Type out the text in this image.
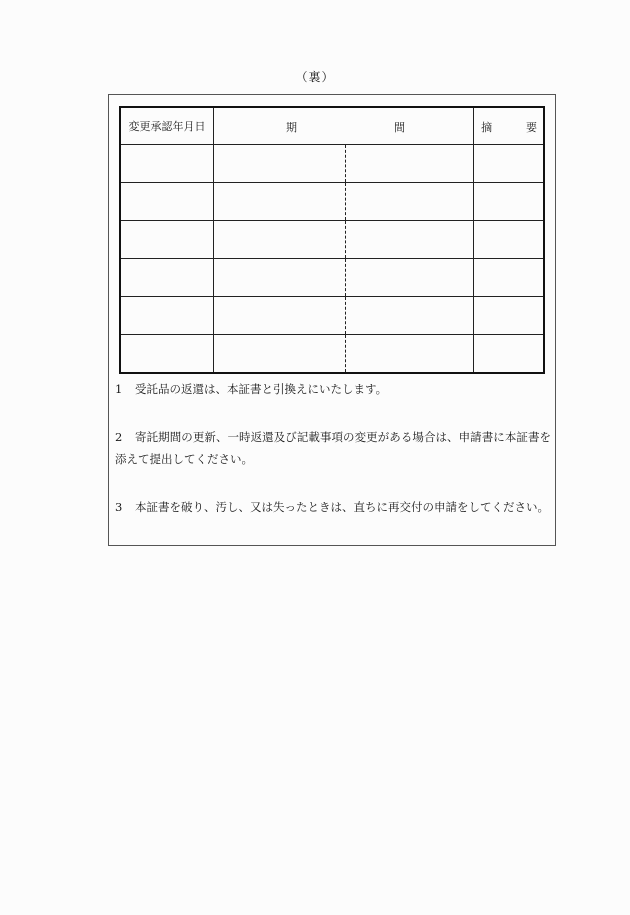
（裏）
変更承認年月日	期 間		摘 要

1 受託品の返還は、本証書と引換えにいたします。
2 寄託期間の更新、一時返還及び記載事項の変更がある場合は、申請書に本証書を添えて提出してください。
3 本証書を破り、汚し、又は失ったときは、直ちに再交付の申請をしてください。
